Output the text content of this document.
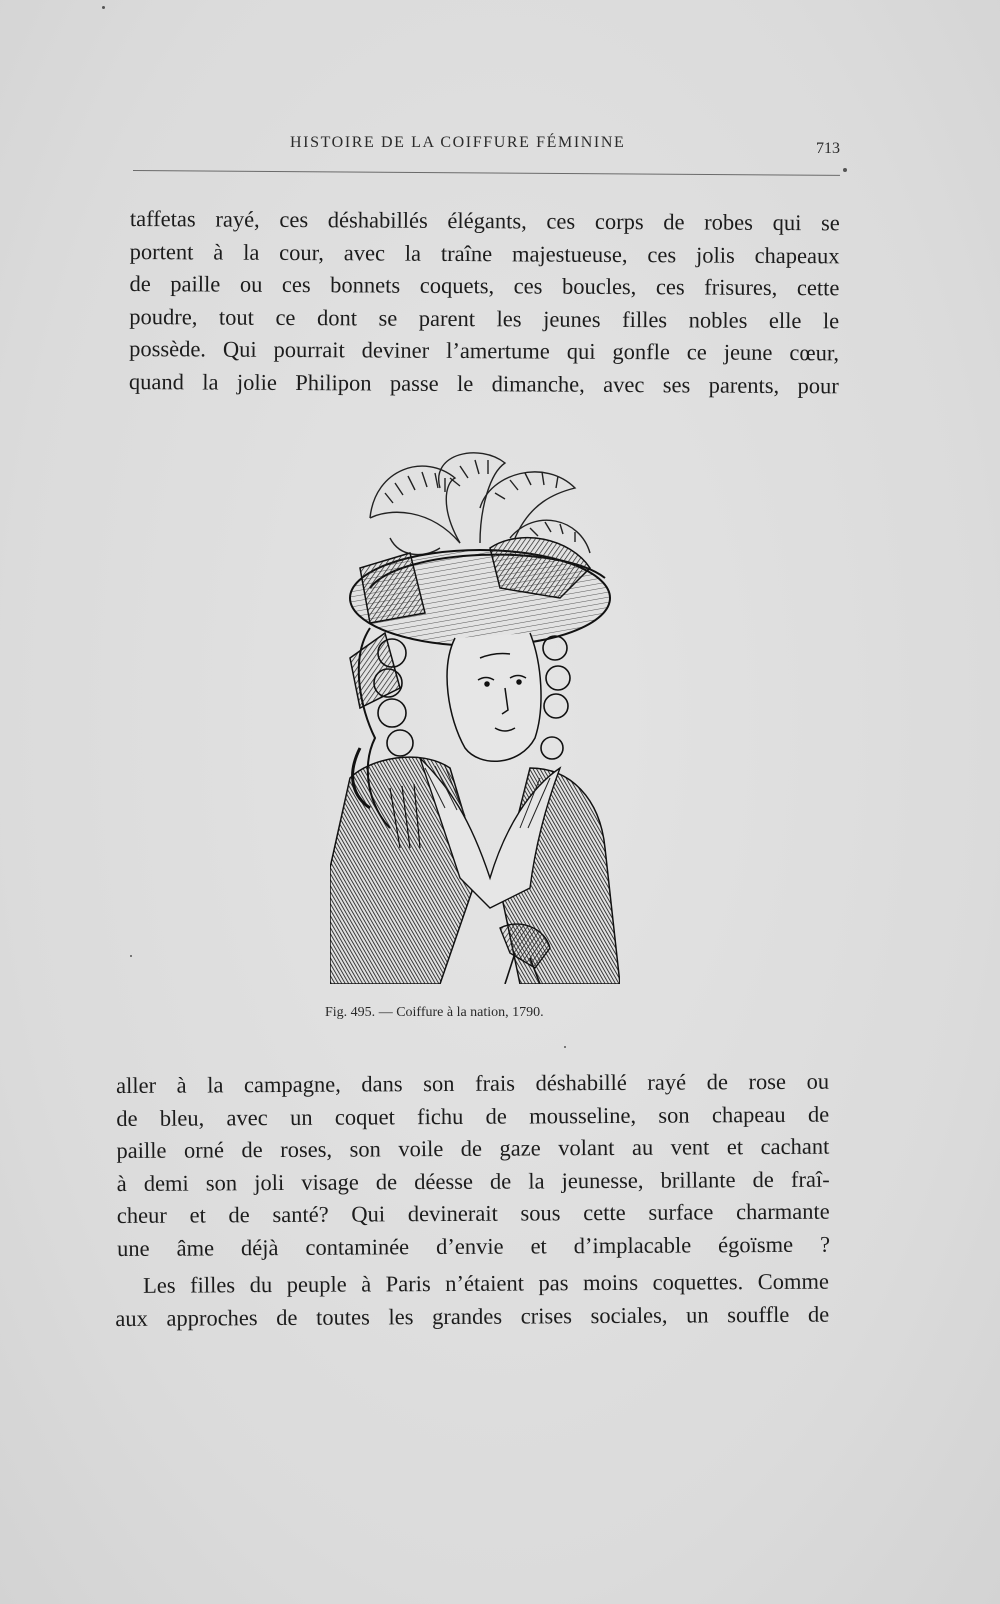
HISTOIRE DE LA COIFFURE FÉMININE	713
taffetas rayé, ces déshabillés élégants, ces corps de robes qui se
portent à la cour, avec la traîne majestueuse, ces jolis chapeaux
de paille ou ces bonnets coquets, ces boucles, ces frisures, cette
poudre, tout ce dont se parent les jeunes filles nobles elle le
possède. Qui pourrait deviner l’amertume qui gonfle ce jeune cœur,
quand la jolie Philipon passe le dimanche, avec ses parents, pour
Fig. 495. — Coiffure à la nation, 1790.
aller à la campagne, dans son frais déshabillé rayé de rose ou
de bleu, avec un coquet fichu de mousseline, son chapeau de
paille orné de roses, son voile de gaze volant au vent et cachant
à demi son joli visage de déesse de la jeunesse, brillante de fraî-
cheur et de santé? Qui devinerait sous cette surface charmante
une âme déjà contaminée d’envie et d’implacable égoïsme ?
Les filles du peuple à Paris n’étaient pas moins coquettes. Comme
aux approches de toutes les grandes crises sociales, un souffle de
